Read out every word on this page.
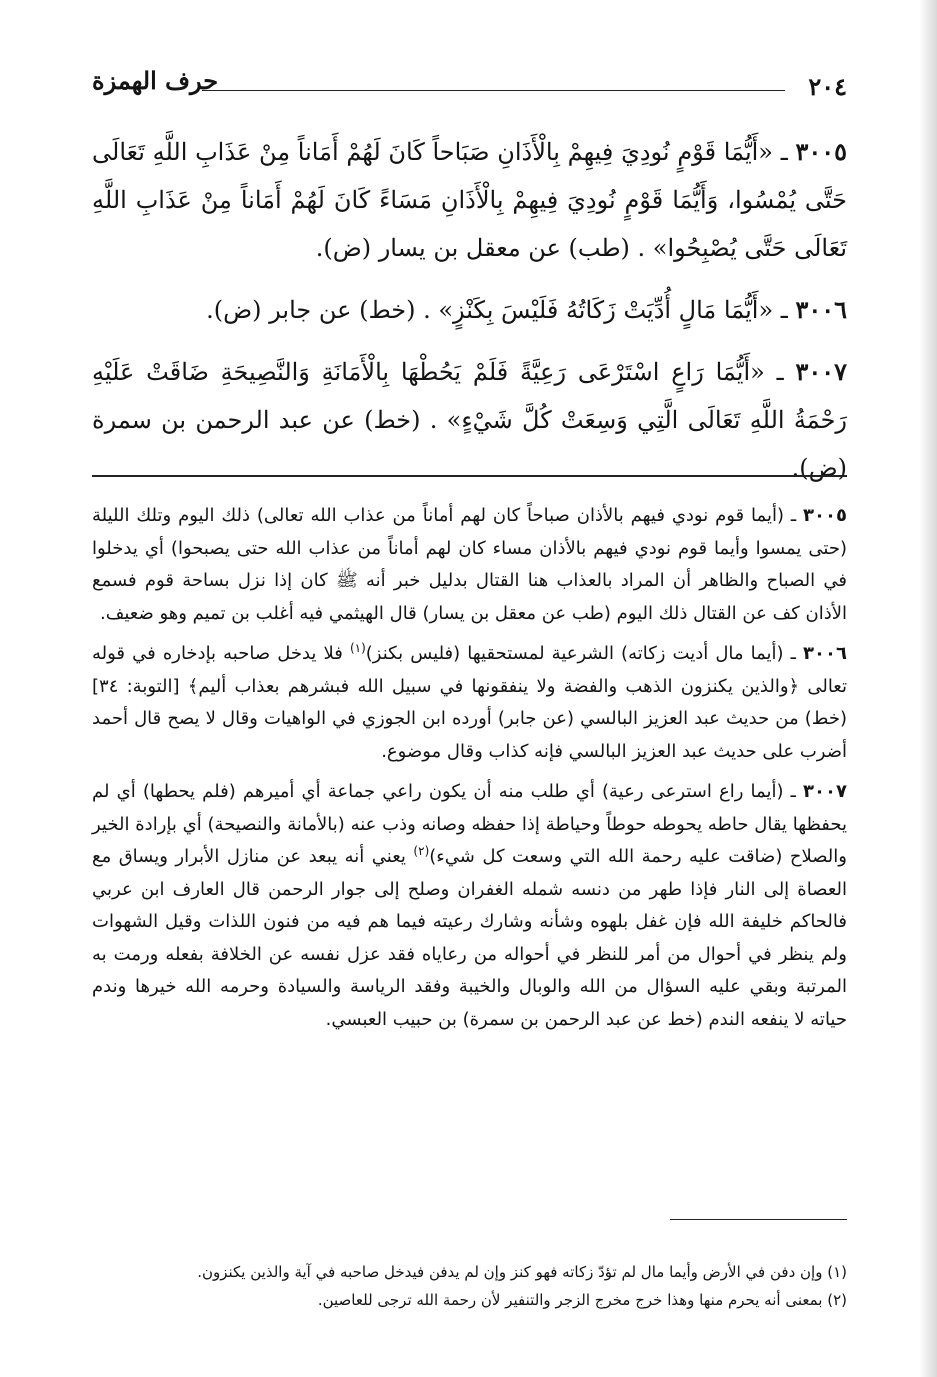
٢٠٤
حرف الهمزة

٣٠٠٥ ـ «أَيُّمَا قَوْمٍ نُودِيَ فِيهِمْ بِالْأَذَانِ صَبَاحاً كَانَ لَهُمْ أَمَاناً مِنْ عَذَابِ اللَّهِ تَعَالَى حَتَّى يُمْسُوا، وَأَيُّمَا قَوْمٍ نُودِيَ فِيهِمْ بِالْأَذَانِ مَسَاءً كَانَ لَهُمْ أَمَاناً مِنْ عَذَابِ اللَّهِ تَعَالَى حَتَّى يُصْبِحُوا» . (طب) عن معقل بن يسار (ض).

٣٠٠٦ ـ «أَيُّمَا مَالٍ أُدِّيَتْ زَكَاتُهُ فَلَيْسَ بِكَنْزٍ» . (خط) عن جابر (ض).

٣٠٠٧ ـ «أَيُّمَا رَاعٍ اسْتَرْعَى رَعِيَّةً فَلَمْ يَحُطْهَا بِالْأَمَانَةِ وَالنَّصِيحَةِ ضَاقَتْ عَلَيْهِ رَحْمَةُ اللَّهِ تَعَالَى الَّتِي وَسِعَتْ كُلَّ شَيْءٍ» . (خط) عن عبد الرحمن بن سمرة (ض).

٣٠٠٥ ـ (أيما قوم نودي فيهم بالأذان صباحاً كان لهم أماناً من عذاب الله تعالى) ذلك اليوم وتلك الليلة (حتى يمسوا وأيما قوم نودي فيهم بالأذان مساء كان لهم أماناً من عذاب الله حتى يصبحوا) أي يدخلوا في الصباح والظاهر أن المراد بالعذاب هنا القتال بدليل خبر أنه ﷺ كان إذا نزل بساحة قوم فسمع الأذان كف عن القتال ذلك اليوم (طب عن معقل بن يسار) قال الهيثمي فيه أغلب بن تميم وهو ضعيف.

٣٠٠٦ ـ (أيما مال أديت زكاته) الشرعية لمستحقيها (فليس بكنز)$^{(١)}$ فلا يدخل صاحبه بإدخاره في قوله تعالى ﴿والذين يكنزون الذهب والفضة ولا ينفقونها في سبيل الله فبشرهم بعذاب أليم﴾ [التوبة: ٣٤] (خط) من حديث عبد العزيز البالسي (عن جابر) أورده ابن الجوزي في الواهيات وقال لا يصح قال أحمد أضرب على حديث عبد العزيز البالسي فإنه كذاب وقال موضوع.

٣٠٠٧ ـ (أيما راع استرعى رعية) أي طلب منه أن يكون راعي جماعة أي أميرهم (فلم يحطها) أي لم يحفظها يقال حاطه يحوطه حوطاً وحياطة إذا حفظه وصانه وذب عنه (بالأمانة والنصيحة) أي بإرادة الخير والصلاح (ضاقت عليه رحمة الله التي وسعت كل شيء)$^{(٢)}$ يعني أنه يبعد عن منازل الأبرار ويساق مع العصاة إلى النار فإذا طهر من دنسه شمله الغفران وصلح إلى جوار الرحمن قال العارف ابن عربي فالحاكم خليفة الله فإن غفل بلهوه وشأنه وشارك رعيته فيما هم فيه من فنون اللذات وقيل الشهوات ولم ينظر في أحوال من أمر للنظر في أحواله من رعاياه فقد عزل نفسه عن الخلافة بفعله ورمت به المرتبة وبقي عليه السؤال من الله والوبال والخيبة وفقد الرياسة والسيادة وحرمه الله خيرها وندم حياته لا ينفعه الندم (خط عن عبد الرحمن بن سمرة) بن حبيب العبسي.

(١) وإن دفن في الأرض وأيما مال لم تؤدّ زكاته فهو كنز وإن لم يدفن فيدخل صاحبه في آية والذين يكنزون.

(٢) بمعنى أنه يحرم منها وهذا خرج مخرج الزجر والتنفير لأن رحمة الله ترجى للعاصين.
